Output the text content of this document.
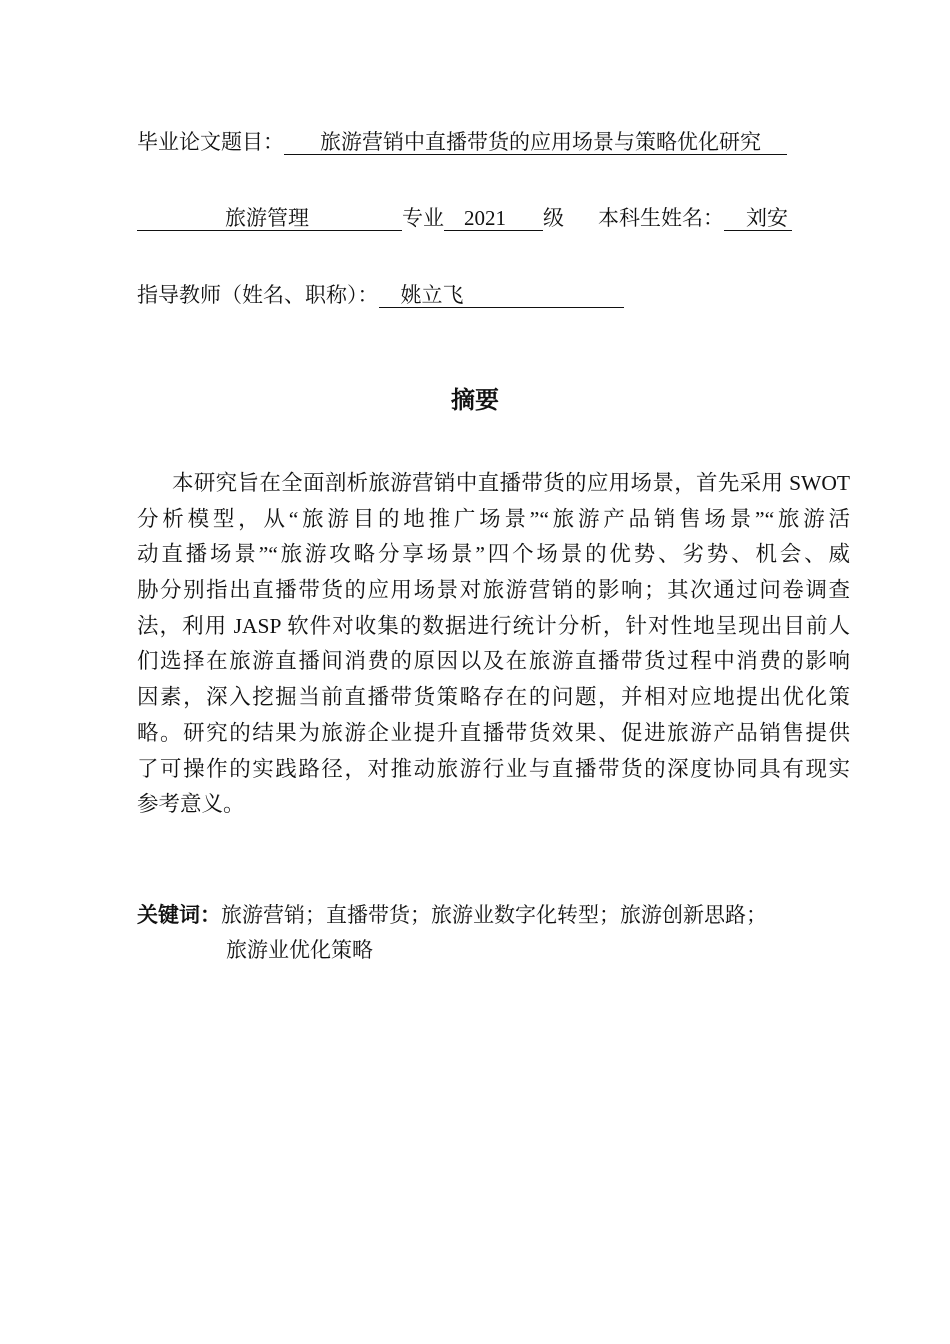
毕业论文题目： 旅游营销中直播带货的应用场景与策略优化研究
旅游管理	专业 2021 级 本科生姓名： 刘安
指导教师（姓名、职称）： 姚立飞
摘要
本研究旨在全面剖析旅游营销中直播带货的应用场景，首先采用 SWOT
分析模型，从“旅游目的地推广场景”“旅游产品销售场景”“旅游活
动直播场景”“旅游攻略分享场景”四个场景的优势、劣势、机会、威
胁分别指出直播带货的应用场景对旅游营销的影响；其次通过问卷调查
法，利用 JASP 软件对收集的数据进行统计分析，针对性地呈现出目前人
们选择在旅游直播间消费的原因以及在旅游直播带货过程中消费的影响
因素，深入挖掘当前直播带货策略存在的问题，并相对应地提出优化策
略。研究的结果为旅游企业提升直播带货效果、促进旅游产品销售提供
了可操作的实践路径，对推动旅游行业与直播带货的深度协同具有现实
参考意义。
关键词：旅游营销；直播带货；旅游业数字化转型；旅游创新思路；
旅游业优化策略
